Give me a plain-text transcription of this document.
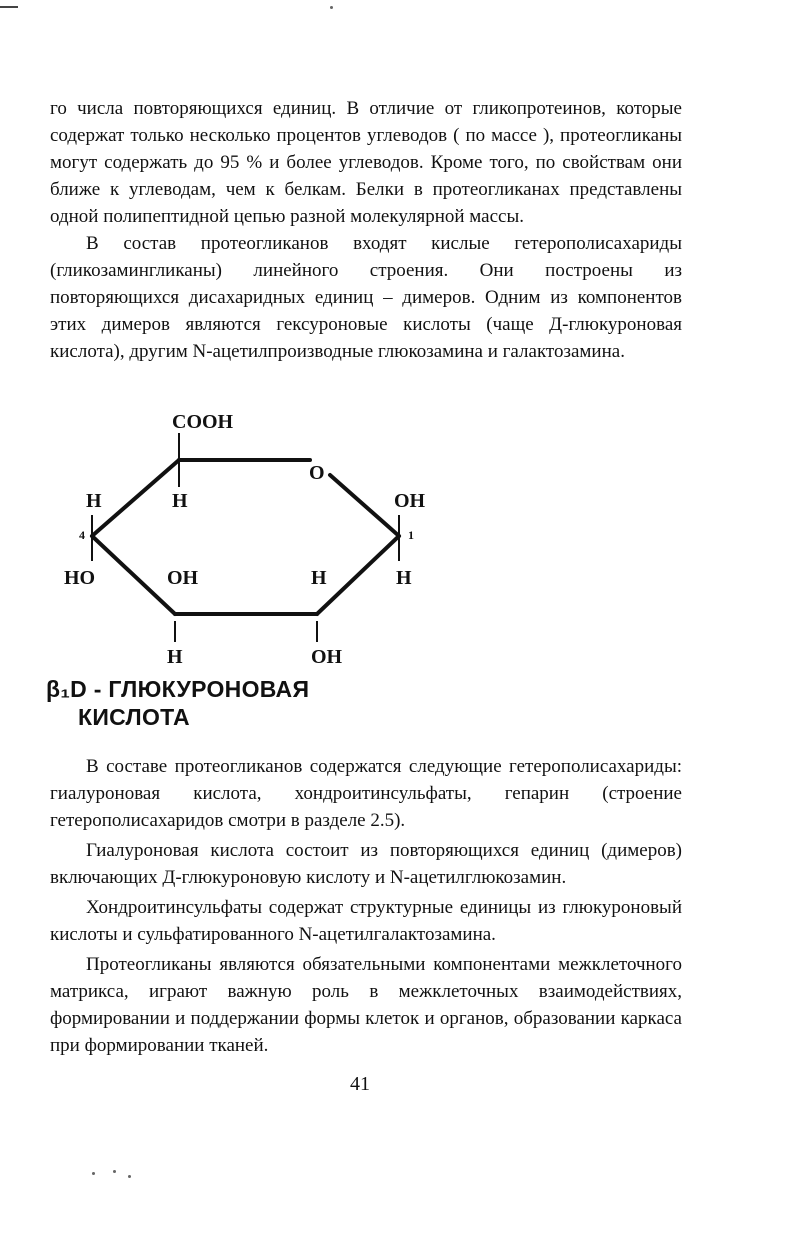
го числа повторяющихся единиц. В отличие от гликопротеинов, которые содержат только несколько процентов углеводов ( по массе ), протеогликаны могут содержать до 95 % и более углеводов. Кроме того, по свойствам они ближе к углеводам, чем к белкам. Белки в протеогликанах представлены одной полипептидной цепью разной молекулярной массы.

В состав протеогликанов входят кислые гетерополисахариды (гликозамингликаны) линейного строения. Они построены из повторяющихся дисахаридных единиц – димеров. Одним из компонентов этих димеров являются гексуроновые кислоты (чаще Д-глюкуроновая кислота), другим N-ацетилпроизводные глюкозамина и галактозамина.

COOH
O
H	H	OH
4	1
HO	OH	H	H
H	OH
β₁D - ГЛЮКУРОНОВАЯ
КИСЛОТА

В составе протеогликанов содержатся следующие гетерополисахариды: гиалуроновая кислота, хондроитинсульфаты, гепарин (строение гетерополисахаридов смотри в разделе 2.5).

Гиалуроновая кислота состоит из повторяющихся единиц (димеров) включающих Д-глюкуроновую кислоту и N-ацетилглюкозамин.

Хондроитинсульфаты содержат структурные единицы из глюкуроновый кислоты и сульфатированного N-ацетилгалактозамина.

Протеогликаны являются обязательными компонентами межклеточного матрикса, играют важную роль в межклеточных взаимодействиях, формировании и поддержании формы клеток и органов, образовании каркаса при формировании тканей.

41
